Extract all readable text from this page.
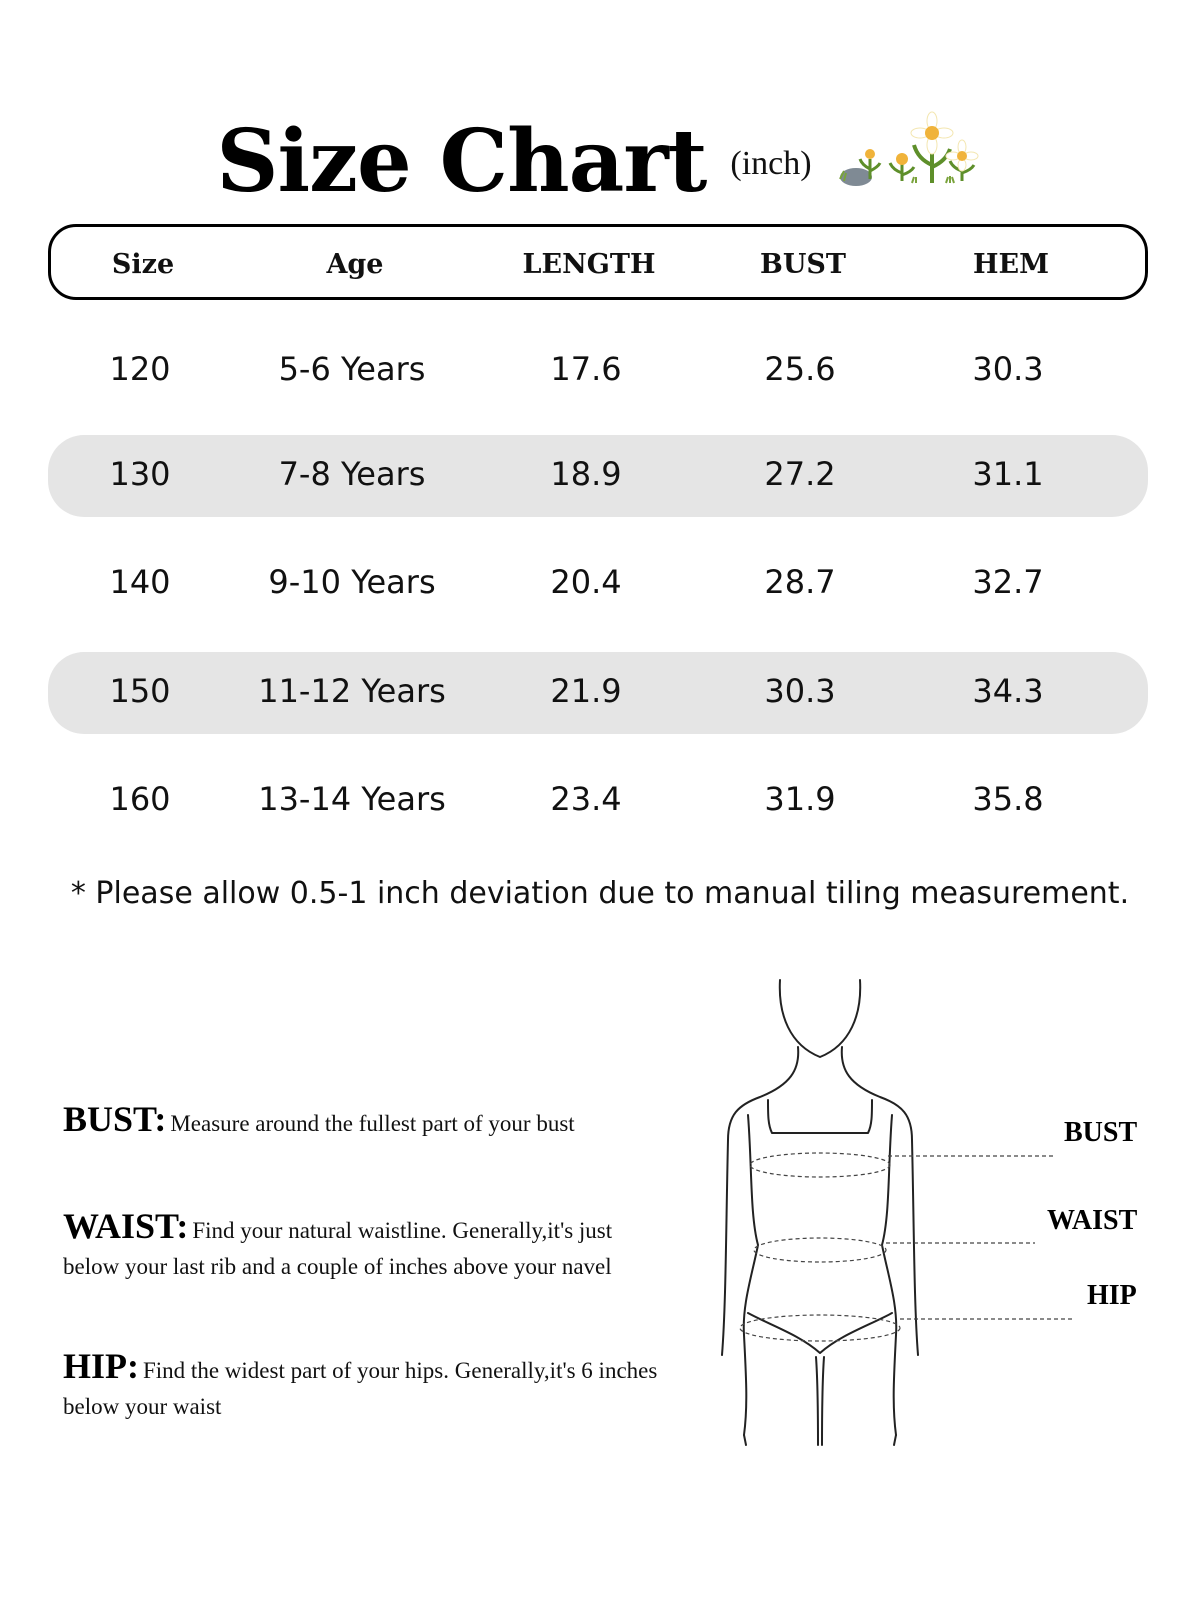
Size Chart (inch)
Size	Age	LENGTH	BUST	HEM
120	5-6 Years	17.6	25.6	30.3
130	7-8 Years	18.9	27.2	31.1
140	9-10 Years	20.4	28.7	32.7
150	11-12 Years	21.9	30.3	34.3
160	13-14 Years	23.4	31.9	35.8
* Please allow 0.5-1 inch deviation due to manual tiling measurement.
BUST: Measure around the fullest part of your bust
WAIST: Find your natural waistline. Generally,it's just below your last rib and a couple of inches above your navel
HIP: Find the widest part of your hips. Generally,it's 6 inches below your waist
BUST
WAIST
HIP
